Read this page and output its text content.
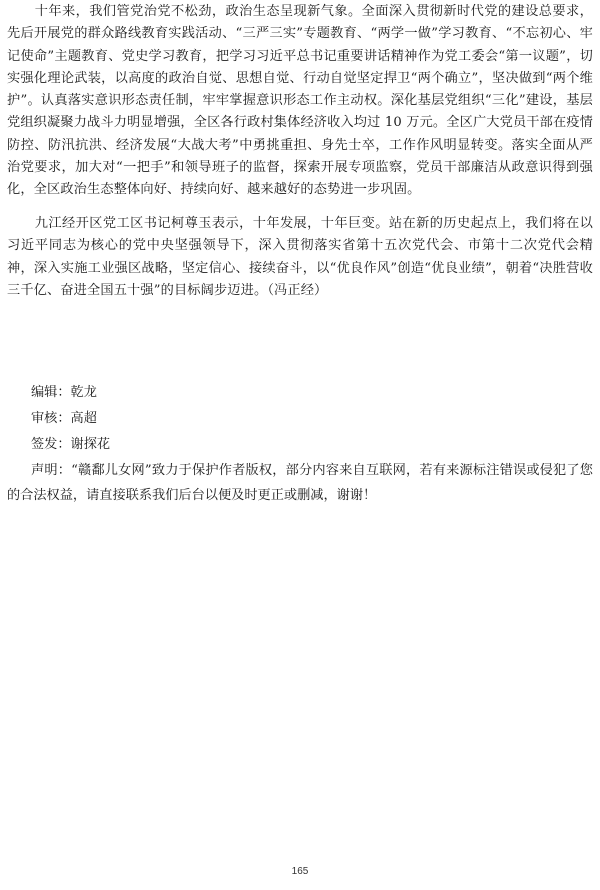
十年来，我们管党治党不松劲，政治生态呈现新气象。全面深入贯彻新时代党的建设总要求，先后开展党的群众路线教育实践活动、“三严三实”专题教育、“两学一做”学习教育、“不忘初心、牢记使命”主题教育、党史学习教育，把学习习近平总书记重要讲话精神作为党工委会“第一议题”，切实强化理论武装，以高度的政治自觉、思想自觉、行动自觉坚定捍卫“两个确立”，坚决做到“两个维护”。认真落实意识形态责任制，牢牢掌握意识形态工作主动权。深化基层党组织“三化”建设，基层党组织凝聚力战斗力明显增强，全区各行政村集体经济收入均过 10 万元。全区广大党员干部在疫情防控、防汛抗洪、经济发展“大战大考”中勇挑重担、身先士卒，工作作风明显转变。落实全面从严治党要求，加大对“一把手”和领导班子的监督，探索开展专项监察，党员干部廉洁从政意识得到强化，全区政治生态整体向好、持续向好、越来越好的态势进一步巩固。

九江经开区党工区书记柯尊玉表示，十年发展，十年巨变。站在新的历史起点上，我们将在以习近平同志为核心的党中央坚强领导下，深入贯彻落实省第十五次党代会、市第十二次党代会精神，深入实施工业强区战略，坚定信心、接续奋斗，以“优良作风”创造“优良业绩”，朝着“决胜营收三千亿、奋进全国五十强”的目标阔步迈进。（冯正经）

编辑：乾龙

审核：高超

签发：谢探花

声明：“赣鄱儿女网”致力于保护作者版权，部分内容来自互联网，若有来源标注错误或侵犯了您的合法权益，请直接联系我们后台以便及时更正或删减，谢谢！

165
